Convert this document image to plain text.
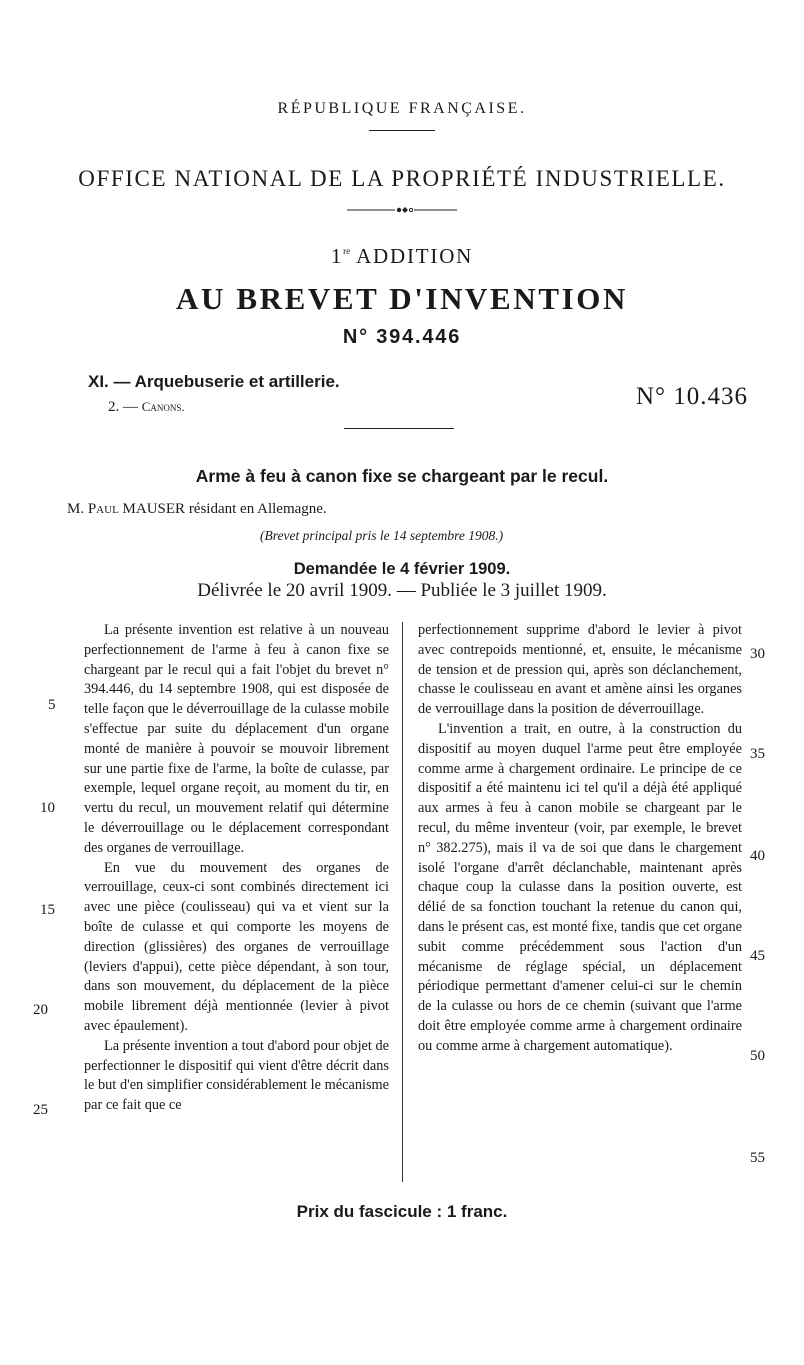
RÉPUBLIQUE FRANÇAISE.
OFFICE NATIONAL DE LA PROPRIÉTÉ INDUSTRIELLE.
1re ADDITION
AU BREVET D'INVENTION
N° 394.446
XI. — Arquebuserie et artillerie.
2. — Canons.	N° 10.436
Arme à feu à canon fixe se chargeant par le recul.
M. Paul MAUSER résidant en Allemagne.
(Brevet principal pris le 14 septembre 1908.)
Demandée le 4 février 1909.
Délivrée le 20 avril 1909. — Publiée le 3 juillet 1909.

La présente invention est relative à un nouveau perfectionnement de l'arme à feu à canon fixe se chargeant par le recul qui a fait l'objet du brevet n° 394.446, du 14 septembre 1908, qui est disposée de telle façon que le déverrouillage de la culasse mobile s'effectue par suite du déplacement d'un organe monté de manière à pouvoir se mouvoir librement sur une partie fixe de l'arme, la boîte de culasse, par exemple, lequel organe reçoit, au moment du tir, en vertu du recul, un mouvement relatif qui détermine le déverrouillage ou le déplacement correspondant des organes de verrouillage.

En vue du mouvement des organes de verrouillage, ceux-ci sont combinés directement ici avec une pièce (coulisseau) qui va et vient sur la boîte de culasse et qui comporte les moyens de direction (glissières) des organes de verrouillage (leviers d'appui), cette pièce dépendant, à son tour, dans son mouvement, du déplacement de la pièce mobile librement déjà mentionnée (levier à pivot avec épaulement).

La présente invention a tout d'abord pour objet de perfectionner le dispositif qui vient d'être décrit dans le but d'en simplifier considérablement le mécanisme par ce fait que ce

perfectionnement supprime d'abord le levier à pivot avec contrepoids mentionné, et, ensuite, le mécanisme de tension et de pression qui, après son déclanchement, chasse le coulisseau en avant et amène ainsi les organes de verrouillage dans la position de déverrouillage.

L'invention a trait, en outre, à la construction du dispositif au moyen duquel l'arme peut être employée comme arme à chargement ordinaire. Le principe de ce dispositif a été maintenu ici tel qu'il a déjà été appliqué aux armes à feu à canon mobile se chargeant par le recul, du même inventeur (voir, par exemple, le brevet n° 382.275), mais il va de soi que dans le chargement isolé l'organe d'arrêt déclanchable, maintenant après chaque coup la culasse dans la position ouverte, est délié de sa fonction touchant la retenue du canon qui, dans le présent cas, est monté fixe, tandis que cet organe subit comme précédemment sous l'action d'un mécanisme de réglage spécial, un déplacement périodique permettant d'amener celui-ci sur le chemin de la culasse ou hors de ce chemin (suivant que l'arme doit être employée comme arme à chargement ordinaire ou comme arme à chargement automatique).

5
10
15
20
25
30
35
40
45
50
55
Prix du fascicule : 1 franc.
